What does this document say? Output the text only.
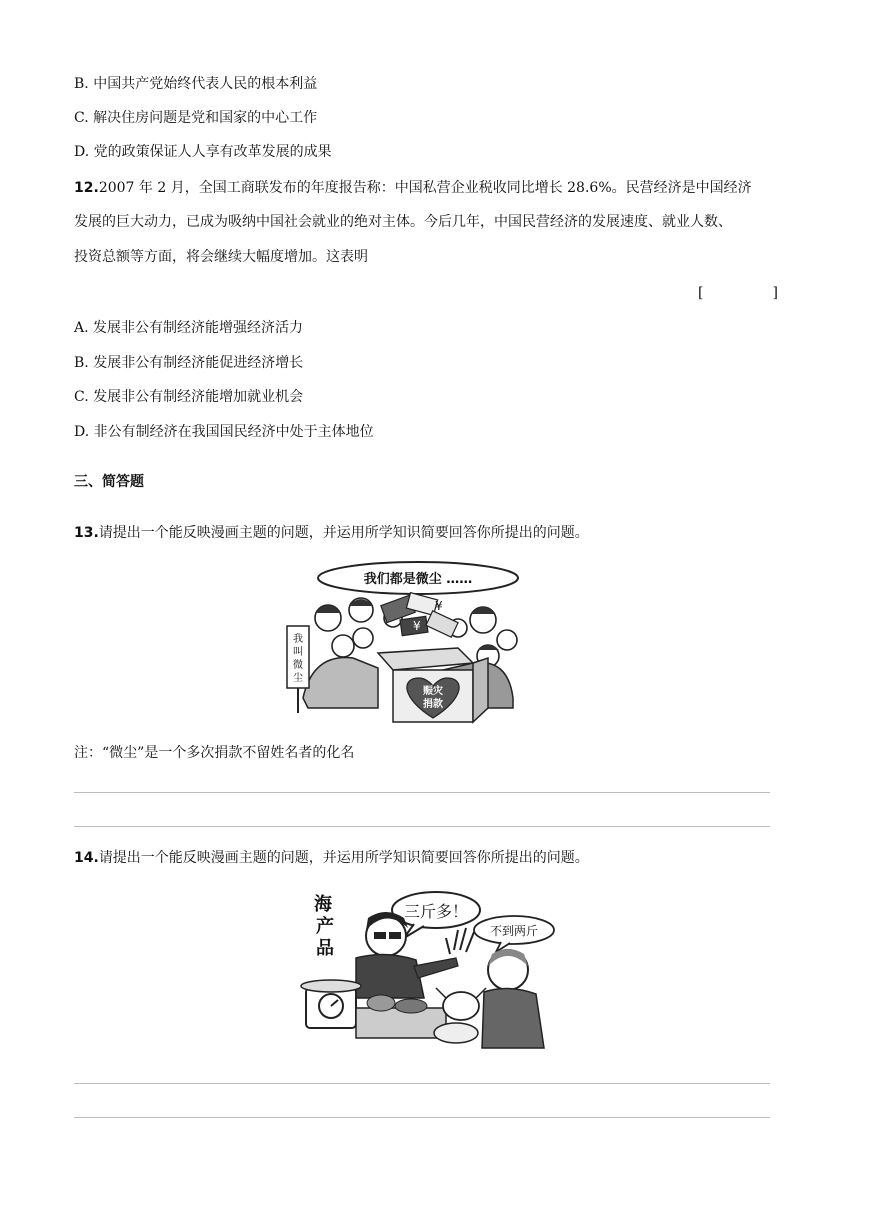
B. 中国共产党始终代表人民的根本利益
C. 解决住房问题是党和国家的中心工作
D. 党的政策保证人人享有改革发展的成果
12.2007 年 2 月，全国工商联发布的年度报告称：中国私营企业税收同比增长 28.6%。民营经济是中国经济
发展的巨大动力，已成为吸纳中国社会就业的绝对主体。今后几年，中国民营经济的发展速度、就业人数、
投资总额等方面，将会继续大幅度增加。这表明
[	]
A. 发展非公有制经济能增强经济活力
B. 发展非公有制经济能促进经济增长
C. 发展非公有制经济能增加就业机会
D. 非公有制经济在我国国民经济中处于主体地位
三、简答题
13.请提出一个能反映漫画主题的问题，并运用所学知识简要回答你所提出的问题。
我们都是微尘 ……
¥
¥
我叫微尘
赈灾
捐款
注：“微尘”是一个多次捐款不留姓名者的化名
14.请提出一个能反映漫画主题的问题，并运用所学知识简要回答你所提出的问题。
海产品
三斤多！
不到两斤
